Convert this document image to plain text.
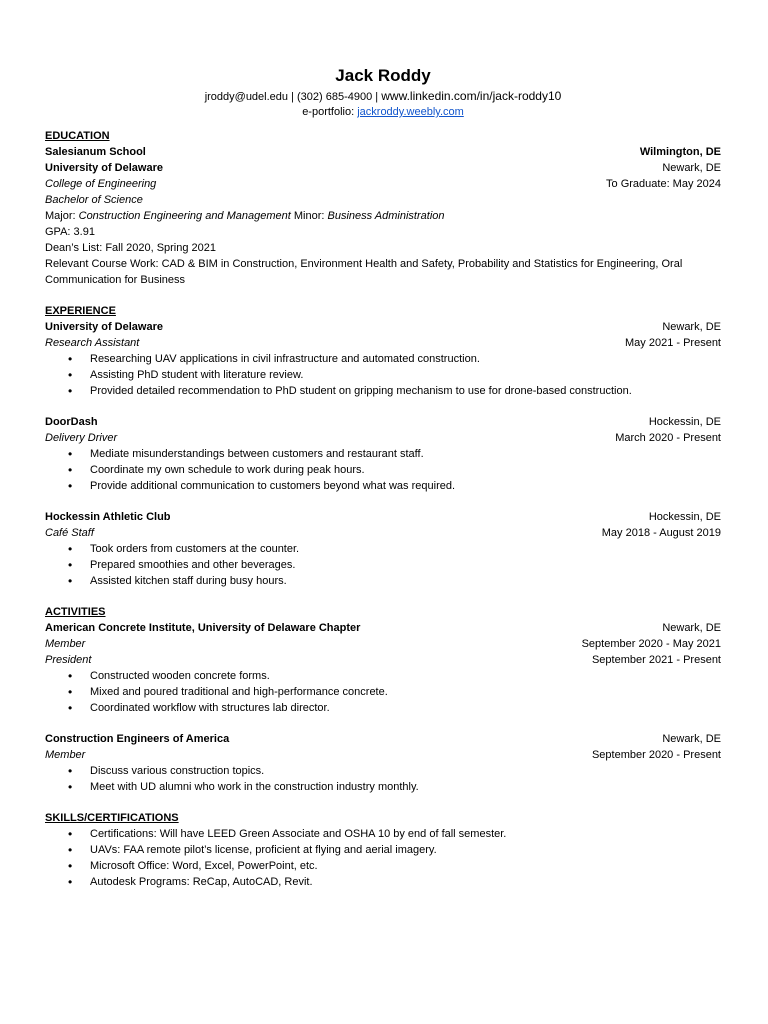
Jack Roddy
jroddy@udel.edu | (302) 685-4900 | www.linkedin.com/in/jack-roddy10
e-portfolio: jackroddy.weebly.com
EDUCATION
Salesianum School	Wilmington, DE
University of Delaware	Newark, DE
College of Engineering	To Graduate: May 2024
Bachelor of Science
Major: Construction Engineering and Management Minor: Business Administration
GPA: 3.91
Dean’s List: Fall 2020, Spring 2021
Relevant Course Work: CAD & BIM in Construction, Environment Health and Safety, Probability and Statistics for Engineering, Oral Communication for Business
EXPERIENCE
University of Delaware	Newark, DE
Research Assistant	May 2021 - Present
• Researching UAV applications in civil infrastructure and automated construction.
• Assisting PhD student with literature review.
• Provided detailed recommendation to PhD student on gripping mechanism to use for drone-based construction.
DoorDash	Hockessin, DE
Delivery Driver	March 2020 - Present
• Mediate misunderstandings between customers and restaurant staff.
• Coordinate my own schedule to work during peak hours.
• Provide additional communication to customers beyond what was required.
Hockessin Athletic Club	Hockessin, DE
Café Staff	May 2018 - August 2019
• Took orders from customers at the counter.
• Prepared smoothies and other beverages.
• Assisted kitchen staff during busy hours.
ACTIVITIES
American Concrete Institute, University of Delaware Chapter	Newark, DE
Member	September 2020 - May 2021
President	September 2021 - Present
• Constructed wooden concrete forms.
• Mixed and poured traditional and high-performance concrete.
• Coordinated workflow with structures lab director.
Construction Engineers of America	Newark, DE
Member	September 2020 - Present
• Discuss various construction topics.
• Meet with UD alumni who work in the construction industry monthly.
SKILLS/CERTIFICATIONS
• Certifications: Will have LEED Green Associate and OSHA 10 by end of fall semester.
• UAVs: FAA remote pilot’s license, proficient at flying and aerial imagery.
• Microsoft Office: Word, Excel, PowerPoint, etc.
• Autodesk Programs: ReCap, AutoCAD, Revit.
